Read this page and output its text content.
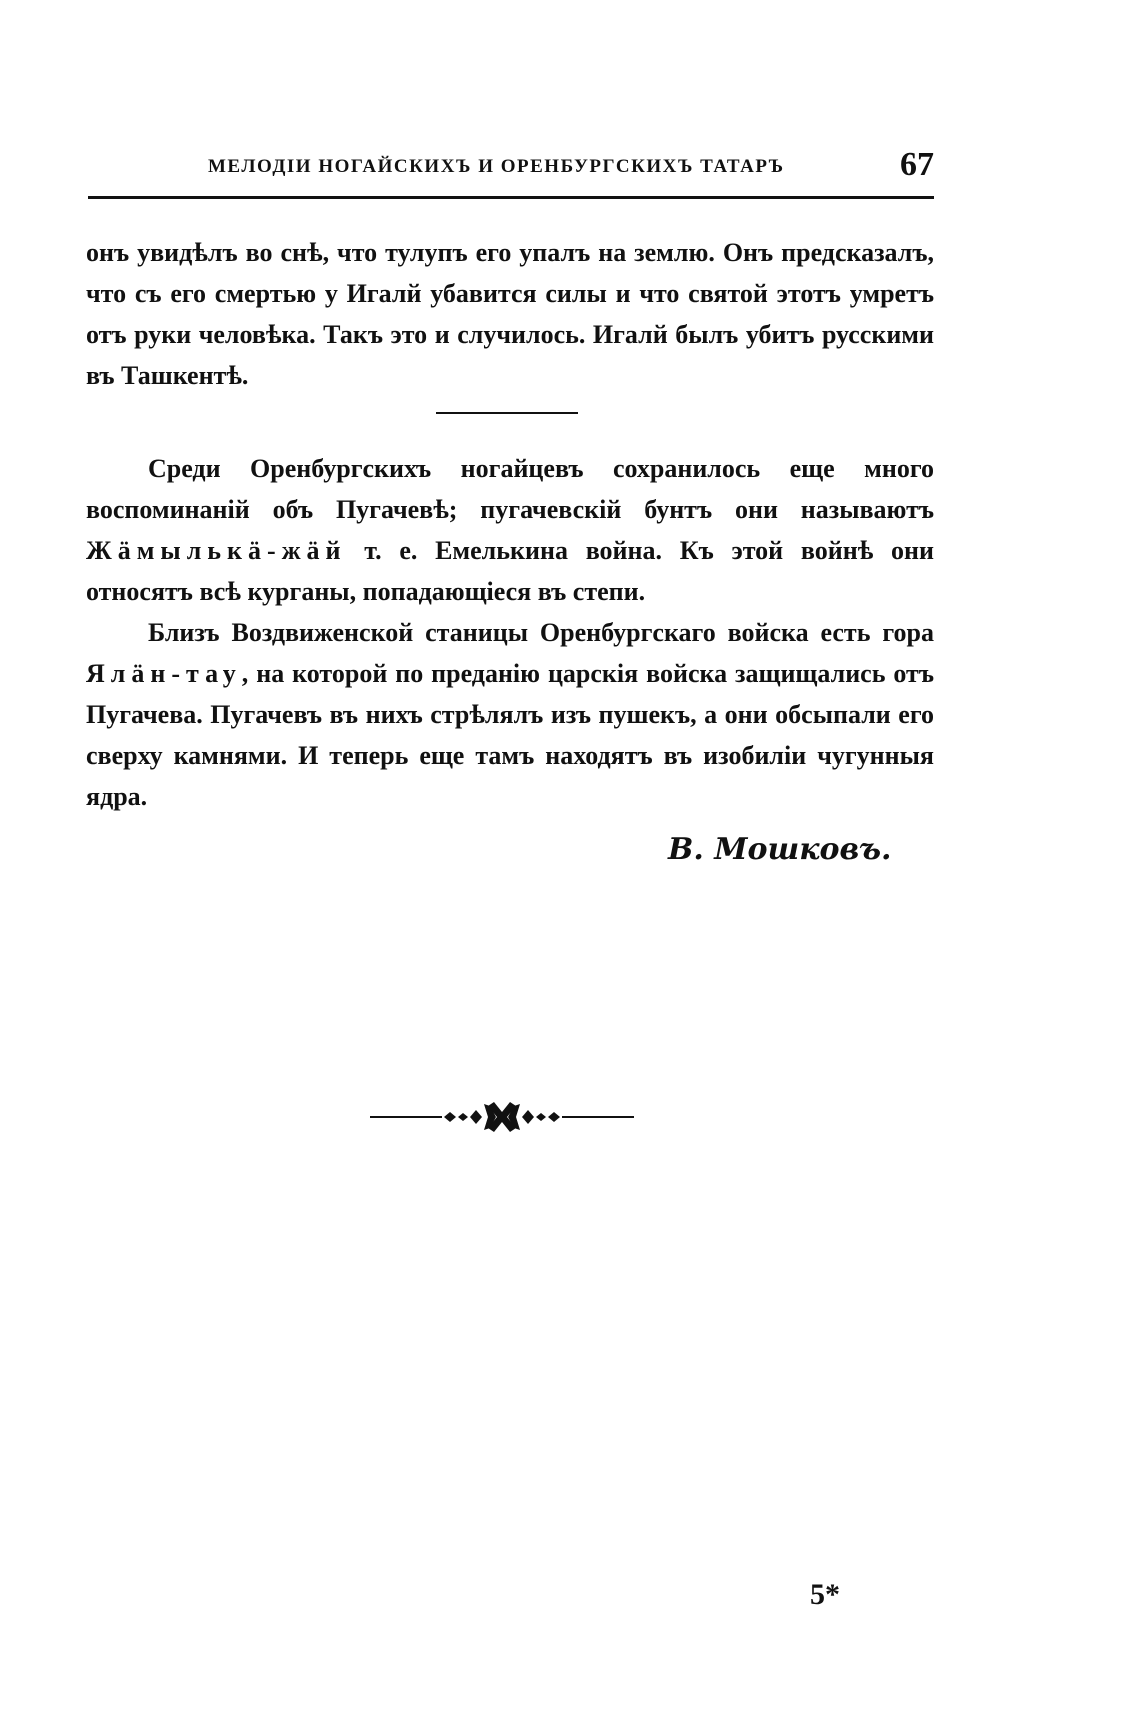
МЕЛОДІИ НОГАЙСКИХЪ И ОРЕНБУРГСКИХЪ ТАТАРЪ	67

онъ увидѣлъ во снѣ, что тулупъ его упалъ на землю. Онъ предсказалъ, что съ его смертью у Игалй убавится силы и что святой этотъ умретъ отъ руки человѣка. Такъ это и случилось. Игалй былъ убитъ русскими въ Ташкентѣ.

Среди Оренбургскихъ ногайцевъ сохранилось еще много воспоминаній объ Пугачевѣ; пугачевскій бунтъ они называютъ Жӓмылькӓ-жӓй т. е. Емелькина война. Къ этой войнѣ они относятъ всѣ курганы, попадающіеся въ степи.

Близъ Воздвиженской станицы Оренбургскаго войска есть гора Ялӓн-тау, на которой по преданію царскія войска защищались отъ Пугачева. Пугачевъ въ нихъ стрѣлялъ изъ пушекъ, а они обсыпали его сверху камнями. И теперь еще тамъ находятъ въ изобиліи чугунныя ядра.

В. Мошковъ.
5*
